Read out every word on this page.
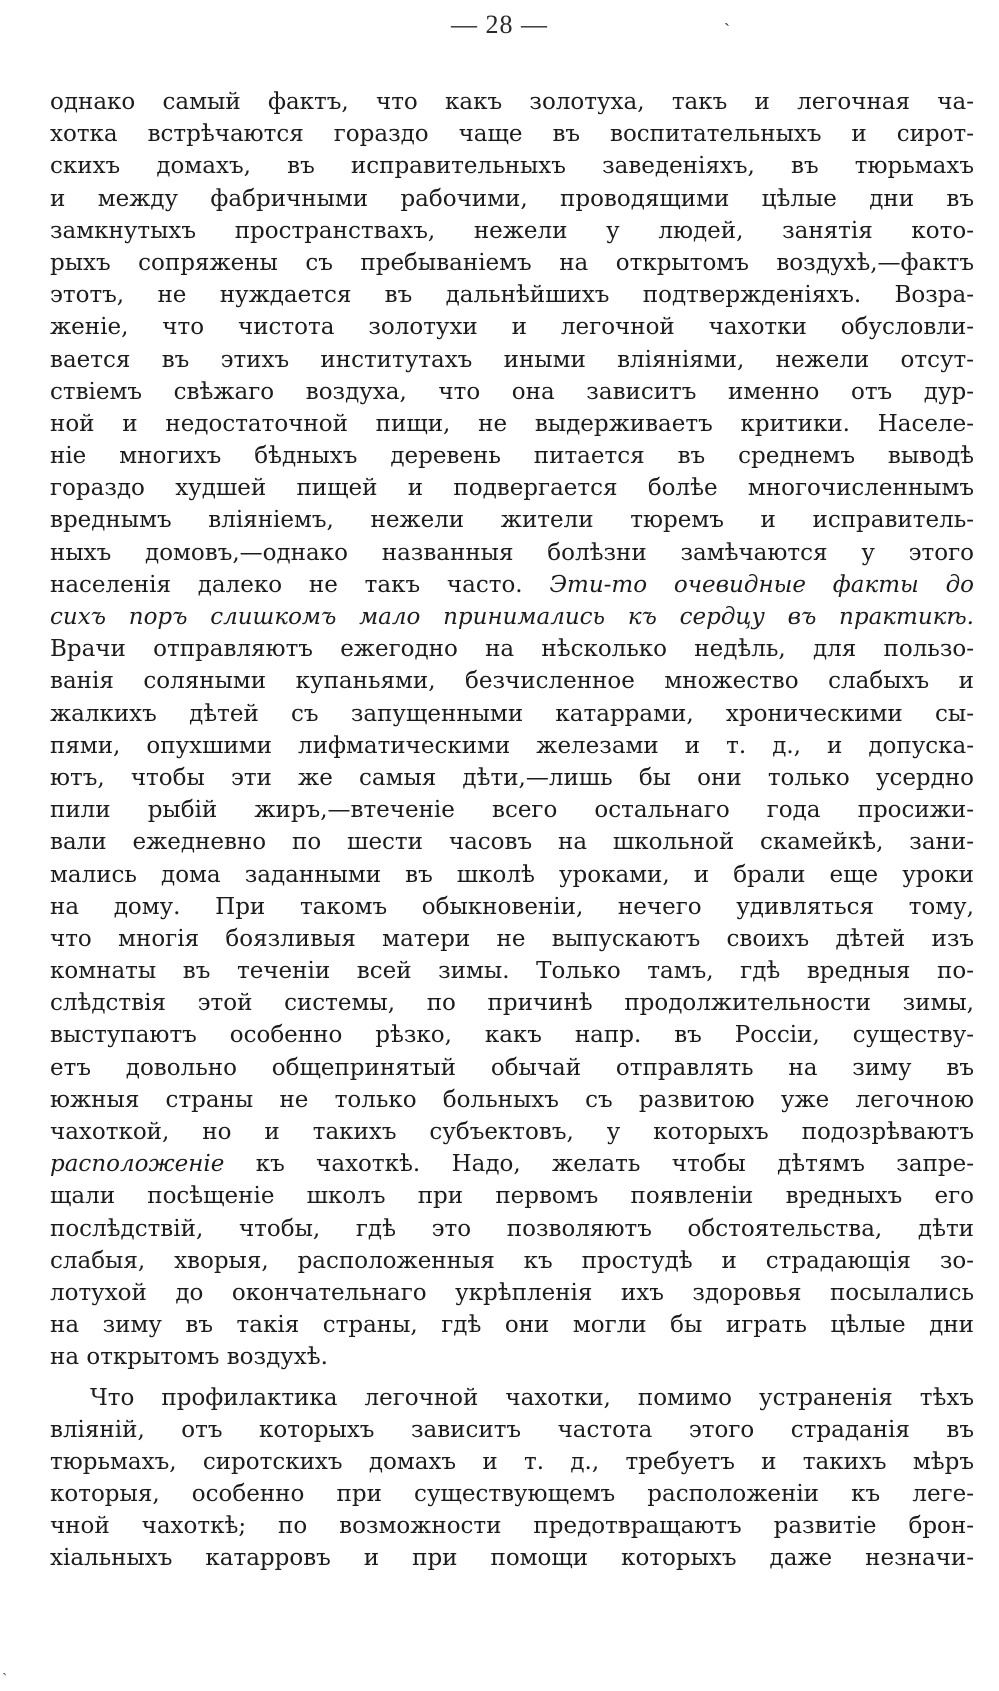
— 28 —	ˋ
однако самый фактъ, что какъ золотуха, такъ и легочная ча-
хотка встрѣчаются гораздо чаще въ воспитательныхъ и сирот-
скихъ домахъ, въ исправительныхъ заведеніяхъ, въ тюрьмахъ
и между фабричными рабочими, проводящими цѣлые дни въ
замкнутыхъ пространствахъ, нежели у людей, занятія кото-
рыхъ сопряжены съ пребываніемъ на открытомъ воздухѣ,—фактъ
этотъ, не нуждается въ дальнѣйшихъ подтвержденіяхъ. Возра-
женіе, что чистота золотухи и легочной чахотки обусловли-
вается въ этихъ институтахъ иными вліяніями, нежели отсут-
ствіемъ свѣжаго воздуха, что она зависитъ именно отъ дур-
ной и недостаточной пищи, не выдерживаетъ критики. Населе-
ніе многихъ бѣдныхъ деревень питается въ среднемъ выводѣ
гораздо худшей пищей и подвергается болѣе многочисленнымъ
вреднымъ вліяніемъ, нежели жители тюремъ и исправитель-
ныхъ домовъ,—однако названныя болѣзни замѣчаются у этого
населенія далеко не такъ часто. Эти-то очевидные факты до
сихъ поръ слишкомъ мало принимались къ сердцу въ практикѣ.
Врачи отправляютъ ежегодно на нѣсколько недѣль, для пользо-
ванія соляными купаньями, безчисленное множество слабыхъ и
жалкихъ дѣтей съ запущенными катаррами, хроническими сы-
пями, опухшими лифматическими железами и т. д., и допуска-
ютъ, чтобы эти же самыя дѣти,—лишь бы они только усердно
пили рыбій жиръ,—втеченіе всего остальнаго года просижи-
вали ежедневно по шести часовъ на школьной скамейкѣ, зани-
мались дома заданными въ школѣ уроками, и брали еще уроки
на дому. При такомъ обыкновеніи, нечего удивляться тому,
что многія боязливыя матери не выпускаютъ своихъ дѣтей изъ
комнаты въ теченіи всей зимы. Только тамъ, гдѣ вредныя по-
слѣдствія этой системы, по причинѣ продолжительности зимы,
выступаютъ особенно рѣзко, какъ напр. въ Россіи, существу-
етъ довольно общепринятый обычай отправлять на зиму въ
южныя страны не только больныхъ съ развитою уже легочною
чахоткой, но и такихъ субъектовъ, у которыхъ подозрѣваютъ
расположеніе къ чахоткѣ. Надо, желать чтобы дѣтямъ запре-
щали посѣщеніе школъ при первомъ появленіи вредныхъ его
послѣдствій, чтобы, гдѣ это позволяютъ обстоятельства, дѣти
слабыя, хворыя, расположенныя къ простудѣ и страдающія зо-
лотухой до окончательнаго укрѣпленія ихъ здоровья посылались
на зиму въ такія страны, гдѣ они могли бы играть цѣлые дни
на открытомъ воздухѣ.
Что профилактика легочной чахотки, помимо устраненія тѣхъ
вліяній, отъ которыхъ зависитъ частота этого страданія въ
тюрьмахъ, сиротскихъ домахъ и т. д., требуетъ и такихъ мѣръ
которыя, особенно при существующемъ расположеніи къ леге-
чной чахоткѣ; по возможности предотвращаютъ развитіе брон-
хіальныхъ катарровъ и при помощи которыхъ даже незначи-
ˋ
